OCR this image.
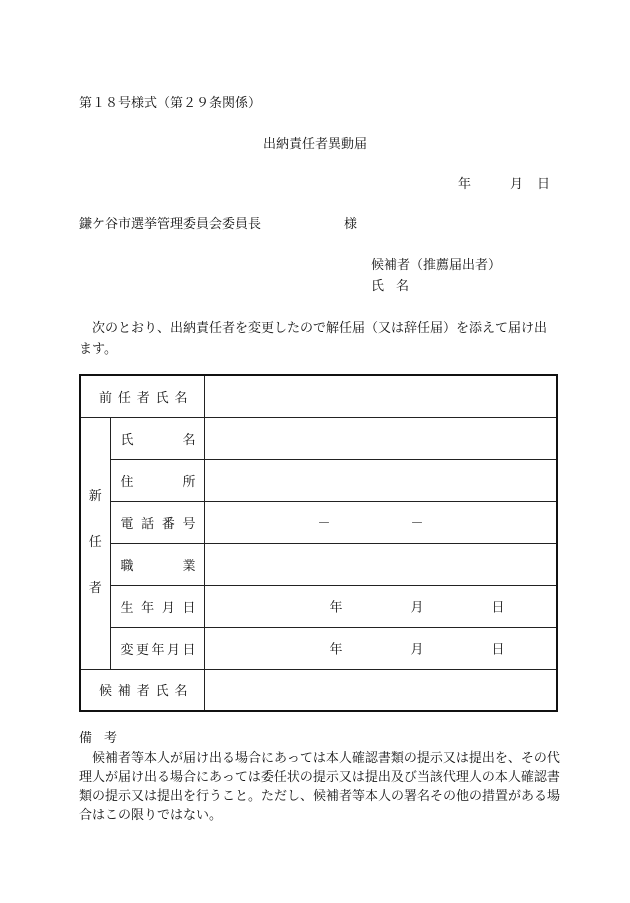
第１８号様式（第２９条関係）
出納責任者異動届
年	月 日
鎌ケ谷市選挙管理委員会委員長	様
候補者（推薦届出者）
氏名
次のとおり、出納責任者を変更したので解任届（又は辞任届）を添えて届け出ます。
前任者氏名		

新
任
者	氏名	
	住所	
	電話番号	－ －

	職業	
	生年月日	年 月 日

	変更年月日	年 月 日

候補者氏名		
備考
候補者等本人が届け出る場合にあっては本人確認書類の提示又は提出を、その代理人が届け出る場合にあっては委任状の提示又は提出及び当該代理人の本人確認書類の提示又は提出を行うこと。ただし、候補者等本人の署名その他の措置がある場合はこの限りではない。
